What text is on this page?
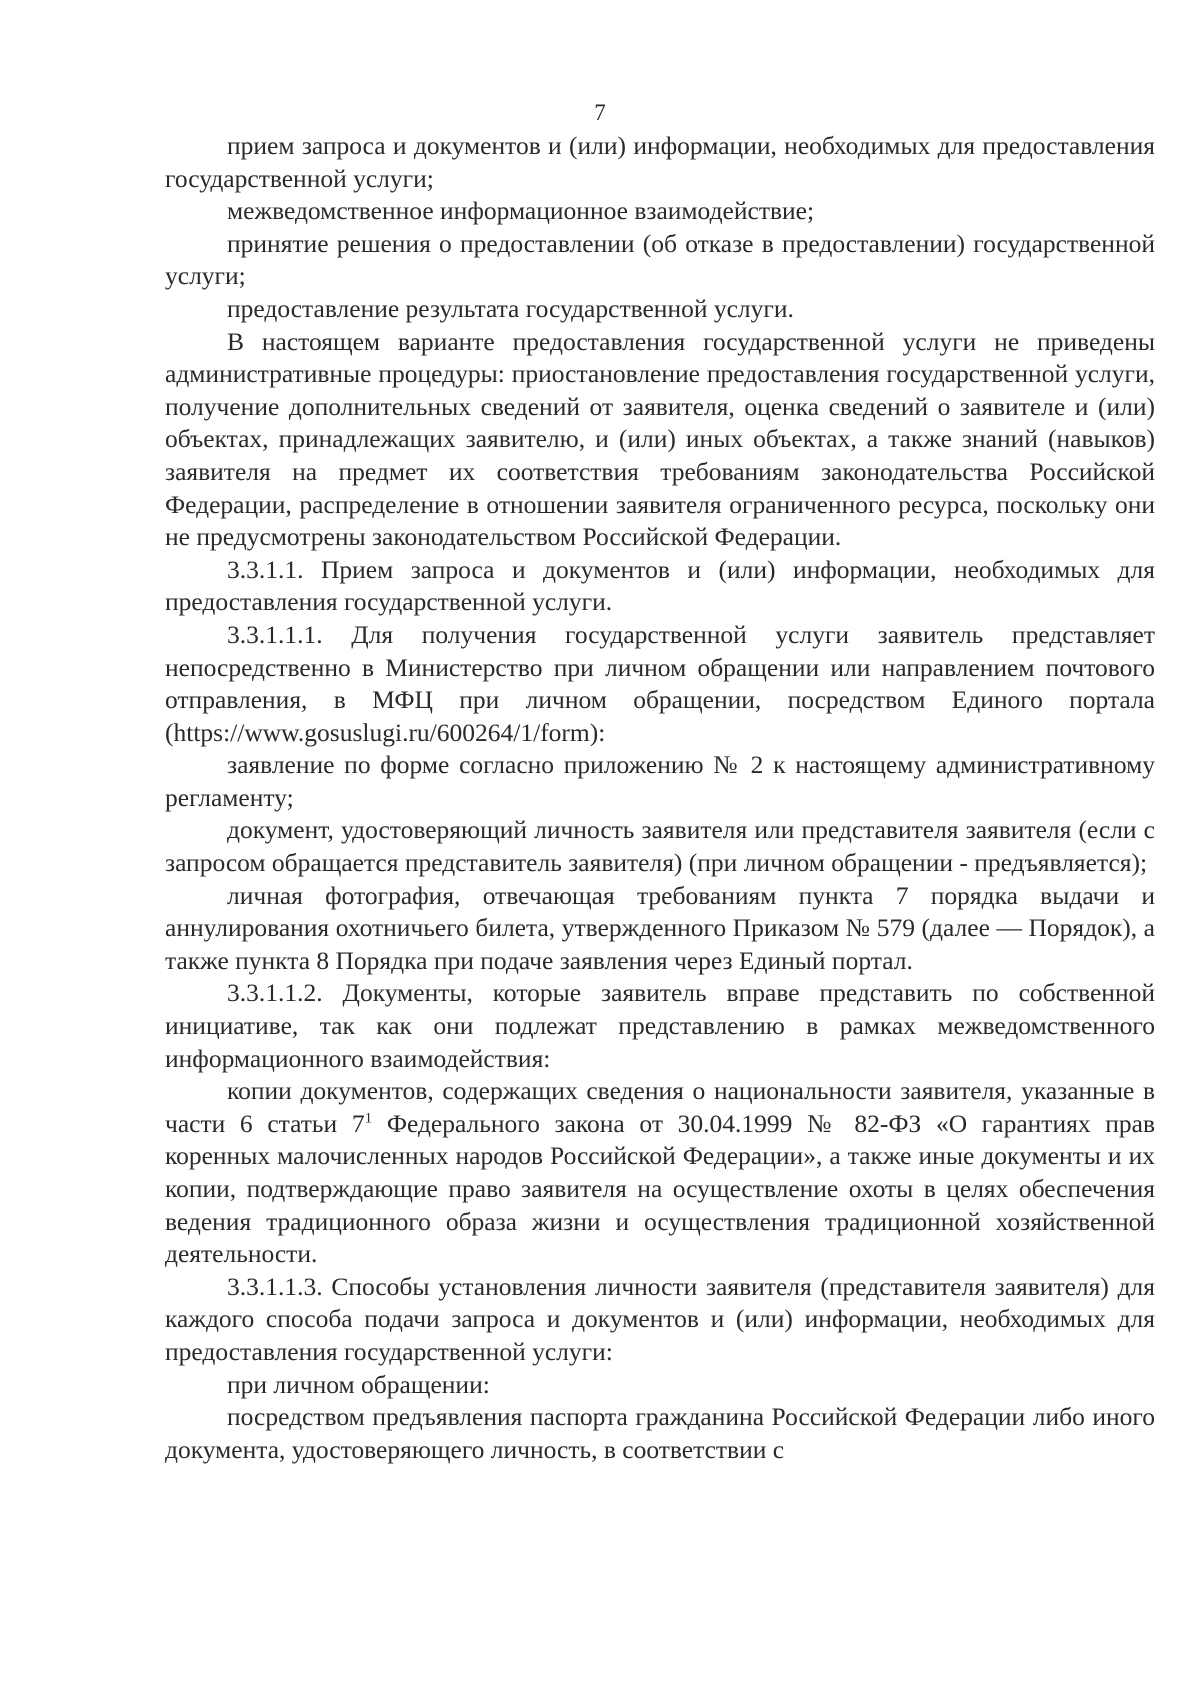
7

прием запроса и документов и (или) информации, необходимых для предоставления государственной услуги;

межведомственное информационное взаимодействие;

принятие решения о предоставлении (об отказе в предоставлении) государственной услуги;

предоставление результата государственной услуги.

В настоящем варианте предоставления государственной услуги не приведены административные процедуры: приостановление предоставления государственной услуги, получение дополнительных сведений от заявителя, оценка сведений о заявителе и (или) объектах, принадлежащих заявителю, и (или) иных объектах, а также знаний (навыков) заявителя на предмет их соответствия требованиям законодательства Российской Федерации, распределение в отношении заявителя ограниченного ресурса, поскольку они не предусмотрены законодательством Российской Федерации.

3.3.1.1. Прием запроса и документов и (или) информации, необходимых для предоставления государственной услуги.

3.3.1.1.1. Для получения государственной услуги заявитель представляет непосредственно в Министерство при личном обращении или направлением почтового отправления, в МФЦ при личном обращении, посредством Единого портала (https://www.gosuslugi.ru/600264/1/form):

заявление по форме согласно приложению № 2 к настоящему административному регламенту;

документ, удостоверяющий личность заявителя или представителя заявителя (если с запросом обращается представитель заявителя) (при личном обращении - предъявляется);

личная фотография, отвечающая требованиям пункта 7 порядка выдачи и аннулирования охотничьего билета, утвержденного Приказом № 579 (далее — Порядок), а также пункта 8 Порядка при подаче заявления через Единый портал.

3.3.1.1.2. Документы, которые заявитель вправе представить по собственной инициативе, так как они подлежат представлению в рамках межведомственного информационного взаимодействия:

копии документов, содержащих сведения о национальности заявителя, указанные в части 6 статьи $7^1$ Федерального закона от 30.04.1999 № 82-ФЗ «О гарантиях прав коренных малочисленных народов Российской Федерации», а также иные документы и их копии, подтверждающие право заявителя на осуществление охоты в целях обеспечения ведения традиционного образа жизни и осуществления традиционной хозяйственной деятельности.

3.3.1.1.3. Способы установления личности заявителя (представителя заявителя) для каждого способа подачи запроса и документов и (или) информации, необходимых для предоставления государственной услуги:

при личном обращении:

посредством предъявления паспорта гражданина Российской Федерации либо иного документа, удостоверяющего личность, в соответствии с
